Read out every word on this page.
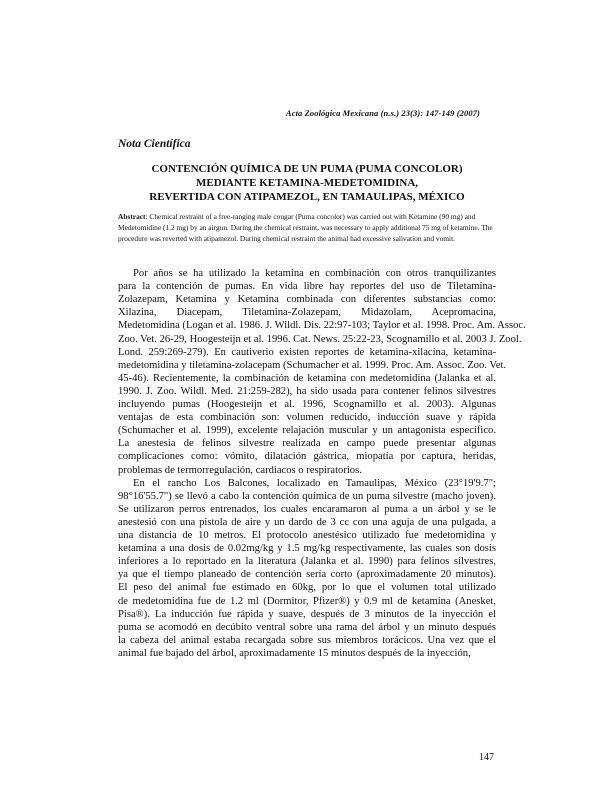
Acta Zoológica Mexicana (n.s.) 23(3): 147-149 (2007)
Nota Científica
CONTENCIÓN QUÍMICA DE UN PUMA (PUMA CONCOLOR)
MEDIANTE KETAMINA-MEDETOMIDINA,
REVERTIDA CON ATIPAMEZOL, EN TAMAULIPAS, MÉXICO
Abstract: Chemical restraint of a free-ranging male cougar (Puma concolor) was carried out with Ketamine (90 mg) and Medetomidine (1.2 mg) by an airgun. During the chemical restraint, was necessary to apply additional 75 mg of ketamine. The procedure was reverted with atipamezol. During chemical restraint the animal had excessive salivation and vomit.
Por años se ha utilizado la ketamina en combinación con otros tranquilizantes
para la contención de pumas. En vida libre hay reportes del uso de Tiletamina-
Zolazepam, Ketamina y Ketamina combinada con diferentes substancias como:
Xilazina, Diacepam, Tiletamina-Zolazepam, Midazolam, Acepromacina,
Medetomidina (Logan et al. 1986. J. Wildl. Dis. 22:97-103; Taylor et al. 1998. Proc. Am. Assoc.
Zoo. Vet. 26-29, Hoogesteijn et al. 1996. Cat. News. 25:22-23, Scognamillo et al. 2003 J. Zool.
Lond. 259:269-279). En cautiverio existen reportes de ketamina-xilacina, ketamina-
medetomidina y tiletamina-zolacepam (Schumacher et al. 1999. Proc. Am. Assoc. Zoo. Vet.
45-46). Recientemente, la combinación de ketamina con medetomidina (Jalanka et al.
1990. J. Zoo. Wildl. Med. 21:259-282), ha sido usada para contener felinos silvestres
incluyendo pumas (Hoogesteijn et al. 1996, Scognamillo et al. 2003). Algunas
ventajas de esta combinación son: volumen reducido, inducción suave y rápida
(Schumacher et al. 1999), excelente relajación muscular y un antagonista específico.
La anestesia de felinos silvestre realizada en campo puede presentar algunas
complicaciones como: vómito, dilatación gástrica, miopatía por captura, heridas,
problemas de termorregulación, cardiacos o respiratorios.
En el rancho Los Balcones, localizado en Tamaulipas, México (23°19'9.7";
98°16'55.7") se llevó a cabo la contención química de un puma silvestre (macho joven).
Se utilizaron perros entrenados, los cuales encaramaron al puma a un árbol y se le
anestesió con una pistola de aire y un dardo de 3 cc con una aguja de una pulgada, a
una distancia de 10 metros. El protocolo anestésico utilizado fue medetomidina y
ketamina a una dosis de 0.02mg/kg y 1.5 mg/kg respectivamente, las cuales son dosis
inferiores a lo reportado en la literatura (Jalanka et al. 1990) para felinos silvestres,
ya que el tiempo planeado de contención sería corto (aproximadamente 20 minutos).
El peso del animal fue estimado en 60kg, por lo que el volumen total utilizado
de medetomidina fue de 1.2 ml (Dormitor, Pfizer®) y 0.9 ml de ketamina (Anesket,
Pisa®). La inducción fue rápida y suave, después de 3 minutos de la inyección el
puma se acomodó en decúbito ventral sobre una rama del árbol y un minuto después
la cabeza del animal estaba recargada sobre sus miembros torácicos. Una vez que el
animal fue bajado del árbol, aproximadamente 15 minutos después de la inyección,
147
